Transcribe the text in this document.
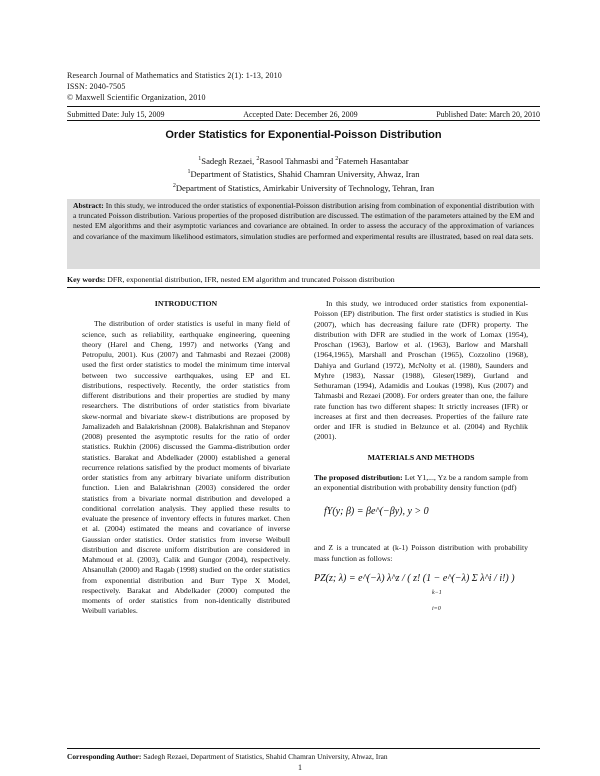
Research Journal of Mathematics and Statistics 2(1): 1-13, 2010
ISSN: 2040-7505
© Maxwell Scientific Organization, 2010
Submitted Date: July 15, 2009	Accepted Date: December 26, 2009	Published Date: March 20, 2010
Order Statistics for Exponential-Poisson Distribution
$^1$Sadegh Rezaei, $^2$Rasool Tahmasbi and $^2$Fatemeh Hasantabar
$^1$Department of Statistics, Shahid Chamran University, Ahwaz, Iran
$^2$Department of Statistics, Amirkabir University of Technology, Tehran, Iran
Abstract: In this study, we introduced the order statistics of exponential-Poisson distribution arising from combination of exponential distribution with a truncated Poisson distribution. Various properties of the proposed distribution are discussed. The estimation of the parameters attained by the EM and nested EM algorithms and their asymptotic variances and covariance are obtained. In order to assess the accuracy of the approximation of variances and covariance of the maximum likelihood estimators, simulation studies are performed and experimental results are illustrated, based on real data sets.
Key words: DFR, exponential distribution, IFR, nested EM algorithm and truncated Poisson distribution
INTRODUCTION

The distribution of order statistics is useful in many field of science, such as reliability, earthquake engineering, queening theory (Harel and Cheng, 1997) and networks (Yang and Petropulu, 2001). Kus (2007) and Tahmasbi and Rezaei (2008) used the first order statistics to model the minimum time interval between two successive earthquakes, using EP and EL distributions, respectively. Recently, the order statistics from different distributions and their properties are studied by many researchers. The distributions of order statistics from bivariate skew-normal and bivariate skew-t distributions are proposed by Jamalizadeh and Balakrishnan (2008). Balakrishnan and Stepanov (2008) presented the asymptotic results for the ratio of order statistics. Rukhin (2006) discussed the Gamma-distribution order statistics. Barakat and Abdelkader (2000) established a general recurrence relations satisfied by the product moments of bivariate order statistics from any arbitrary bivariate uniform distribution function. Lien and Balakrishnan (2003) considered the order statistics from a bivariate normal distribution and developed a conditional correlation analysis. They applied these results to evaluate the presence of inventory effects in futures market. Chen et al. (2004) estimated the means and covariance of inverse Gaussian order statistics. Order statistics from inverse Weibull distribution and discrete uniform distribution are considered in Mahmoud et al. (2003), Calik and Gungor (2004), respectively. Ahsanullah (2000) and Ragab (1998) studied on the order statistics from exponential distribution and Burr Type X Model, respectively. Barakat and Abdelkader (2000) computed the moments of order statistics from non-identically distributed Weibull variables.

In this study, we introduced order statistics from exponential-Poisson (EP) distribution. The first order statistics is studied in Kus (2007), which has decreasing failure rate (DFR) property. The distribution with DFR are studied in the work of Lomax (1954), Proschan (1963), Barlow et al. (1963), Barlow and Marshall (1964,1965), Marshall and Proschan (1965), Cozzolino (1968), Dahiya and Gurland (1972), McNolty et al. (1980), Saunders and Myhre (1983), Nassar (1988), Gleser(1989), Gurland and Sethuraman (1994), Adamidis and Loukas (1998), Kus (2007) and Tahmasbi and Rezaei (2008). For orders greater than one, the failure rate function has two different shapes: It strictly increases (IFR) or increases at first and then decreases. Properties of the failure rate order and IFR is studied in Belzunce et al. (2004) and Rychlik (2001).

MATERIALS AND METHODS

The proposed distribution: Let Y1,..., Yz be a random sample from an exponential distribution with probability density function (pdf)

fY(y; β) = βe^(−βy), y > 0

and Z is a truncated at (k-1) Poisson distribution with probability mass function as follows:

PZ(z; λ) = e^(−λ) λ^z / ( z! (1 − e^(−λ) Σ λ^i / i!) )
k−1
i=0
Corresponding Author: Sadegh Rezaei, Department of Statistics, Shahid Chamran University, Ahwaz, Iran
1
